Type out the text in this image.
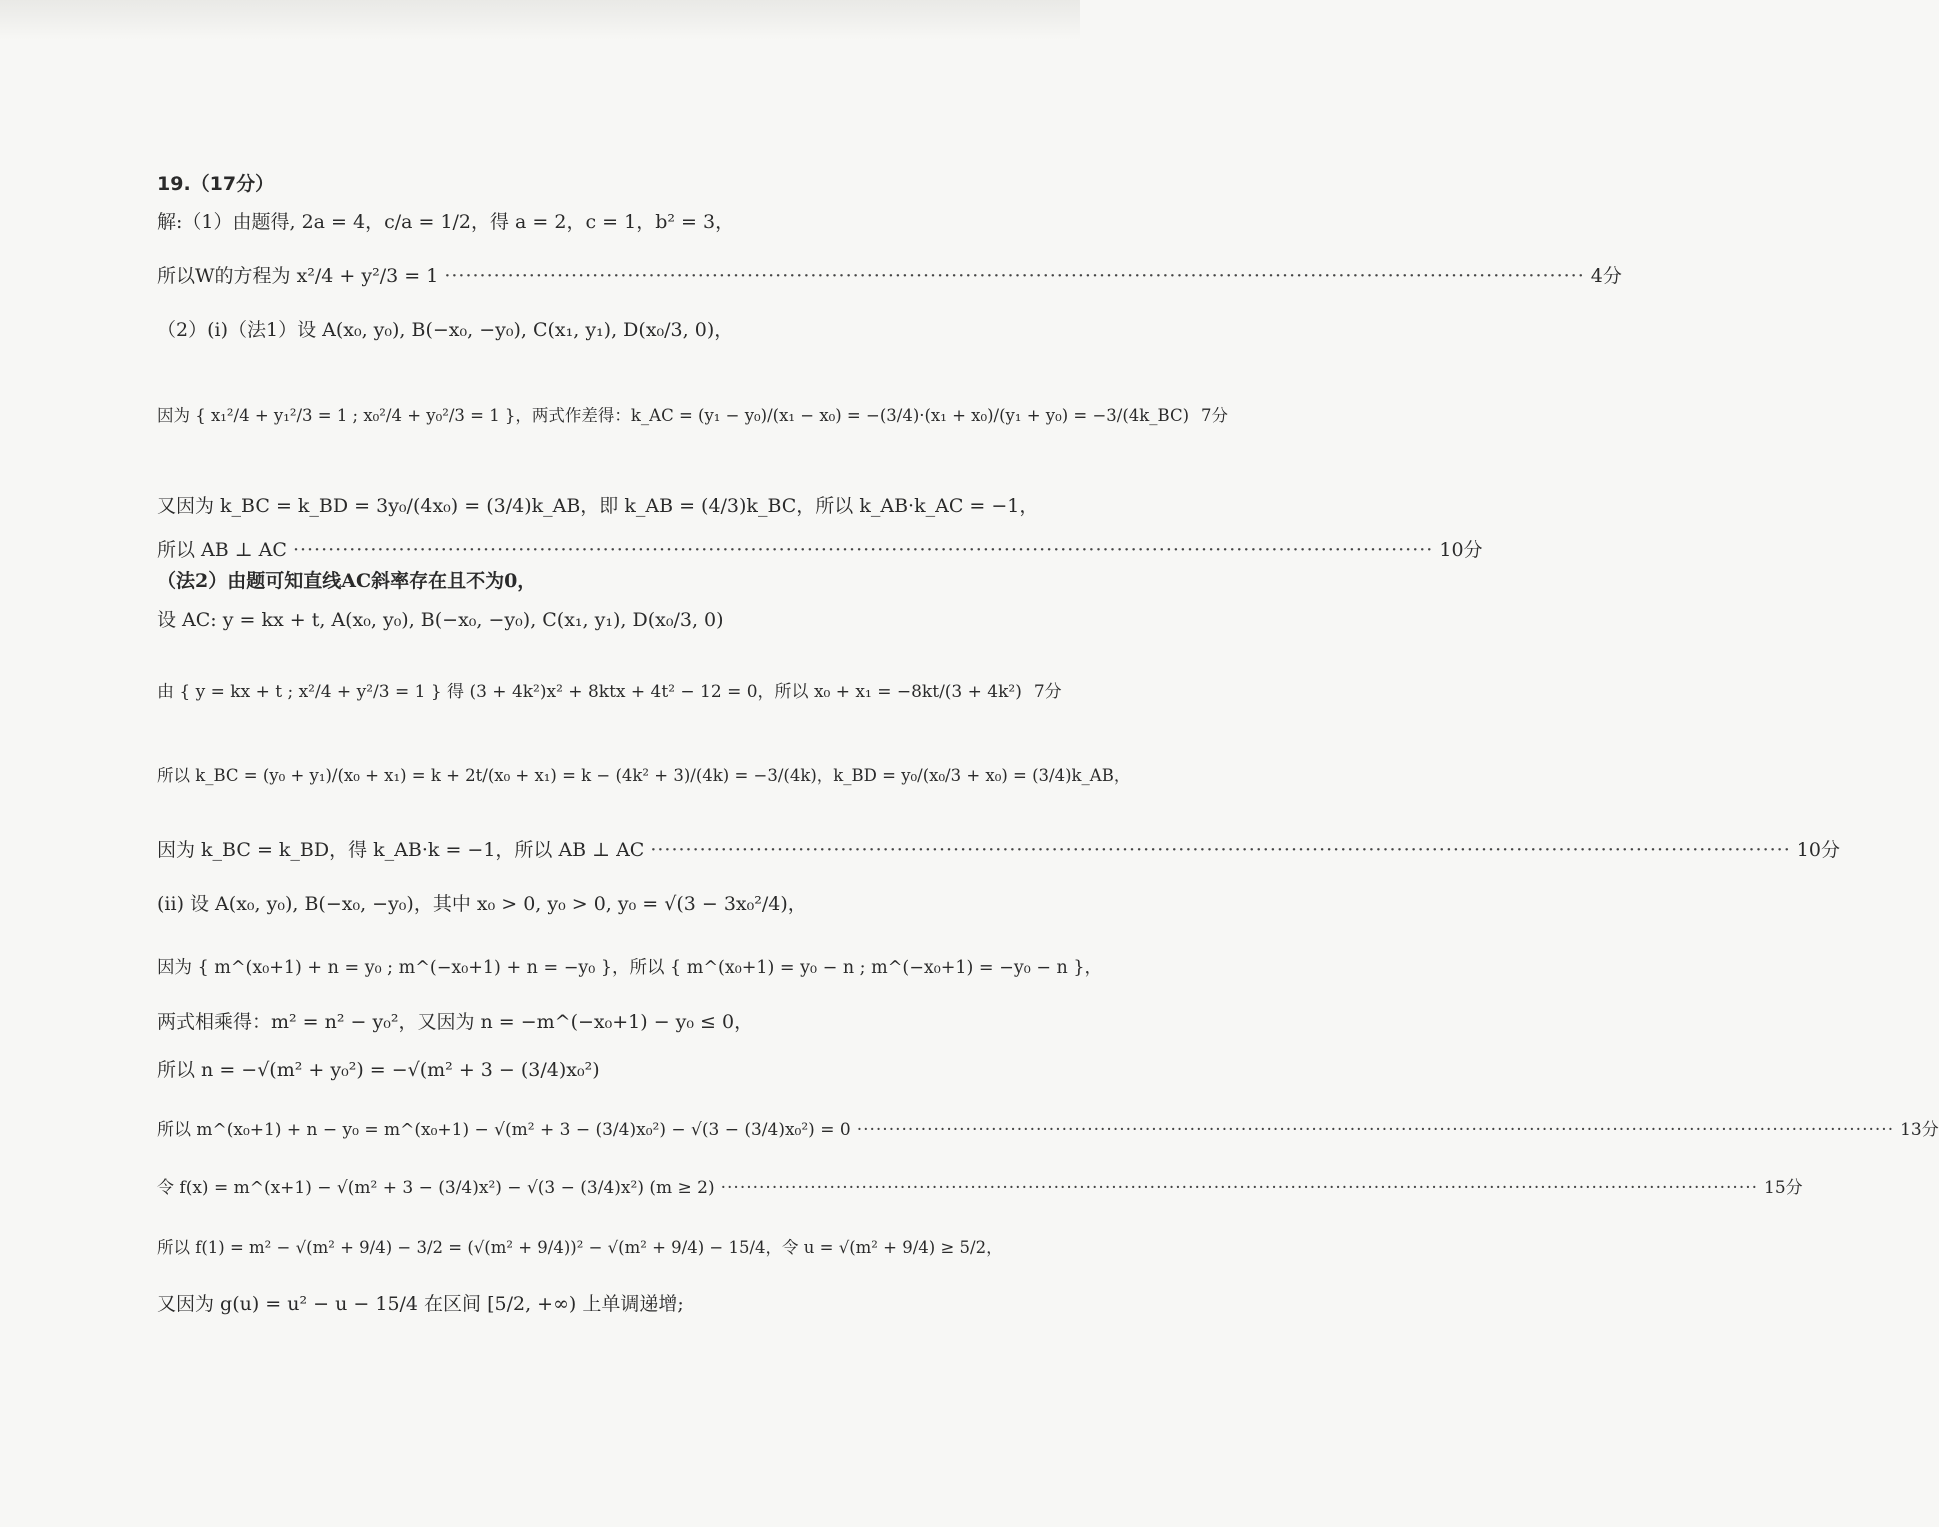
19.（17分）
解:（1）由题得, 2a = 4，c/a = 1/2，得 a = 2，c = 1，b² = 3，
所以W的方程为 x²/4 + y²/3 = 1 ·····	4分
（2）(i)（法1）设 A(x₀, y₀), B(−x₀, −y₀), C(x₁, y₁), D(x₀/3, 0)，
因为 { x₁²/4 + y₁²/3 = 1 ; x₀²/4 + y₀²/3 = 1 }，两式作差得：k_AC = (y₁ − y₀)/(x₁ − x₀) = −(3/4)·(x₁ + x₀)/(y₁ + y₀) = −3/(4k_BC) 7分
又因为 k_BC = k_BD = 3y₀/(4x₀) = (3/4)k_AB，即 k_AB = (4/3)k_BC，所以 k_AB·k_AC = −1，
所以 AB ⊥ AC ·····	10分
（法2）由题可知直线AC斜率存在且不为0，
设 AC: y = kx + t, A(x₀, y₀), B(−x₀, −y₀), C(x₁, y₁), D(x₀/3, 0)
由 { y = kx + t ; x²/4 + y²/3 = 1 } 得 (3 + 4k²)x² + 8ktx + 4t² − 12 = 0，所以 x₀ + x₁ = −8kt/(3 + 4k²) 7分
所以 k_BC = (y₀ + y₁)/(x₀ + x₁) = k + 2t/(x₀ + x₁) = k − (4k² + 3)/(4k) = −3/(4k)，k_BD = y₀/(x₀/3 + x₀) = (3/4)k_AB，
因为 k_BC = k_BD，得 k_AB·k = −1，所以 AB ⊥ AC ·····	10分
(ii) 设 A(x₀, y₀), B(−x₀, −y₀)，其中 x₀ > 0, y₀ > 0, y₀ = √(3 − 3x₀²/4)，
因为 { m^(x₀+1) + n = y₀ ; m^(−x₀+1) + n = −y₀ }，所以 { m^(x₀+1) = y₀ − n ; m^(−x₀+1) = −y₀ − n }，
两式相乘得：m² = n² − y₀²，又因为 n = −m^(−x₀+1) − y₀ ≤ 0，
所以 n = −√(m² + y₀²) = −√(m² + 3 − (3/4)x₀²)
所以 m^(x₀+1) + n − y₀ = m^(x₀+1) − √(m² + 3 − (3/4)x₀²) − √(3 − (3/4)x₀²) = 0 ·····	13分
令 f(x) = m^(x+1) − √(m² + 3 − (3/4)x²) − √(3 − (3/4)x²) (m ≥ 2) ·····	15分
所以 f(1) = m² − √(m² + 9/4) − 3/2 = (√(m² + 9/4))² − √(m² + 9/4) − 15/4，令 u = √(m² + 9/4) ≥ 5/2，
又因为 g(u) = u² − u − 15/4 在区间 [5/2, +∞) 上单调递增;
